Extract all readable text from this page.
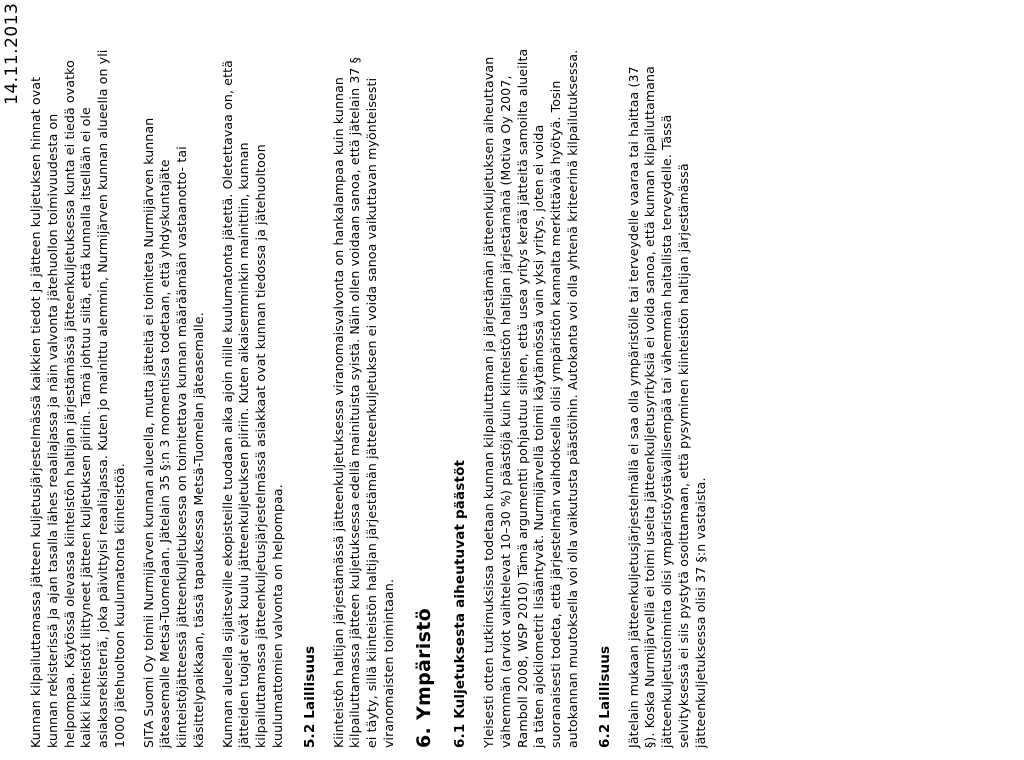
14.11.2013

Kunnan kilpailuttamassa jätteen kuljetusjärjestelmässä kaikkien tiedot ja jätteen kuljetuksen hinnat ovat kunnan rekisterissä ja ajan tasalla lähes reaaliajassa ja näin valvonta jätehuollon toimivuudesta on helpompaa. Käytössä olevassa kiinteistön haltijan järjestämässä jätteenkuljetuksessa kunta ei tiedä ovatko kaikki kiinteistöt liittyneet jätteen kuljetuksen piiriin. Tämä johtuu siitä, että kunnalla itsellään ei ole asiakasrekisteriä, joka päivittyisi reaaliajassa. Kuten jo mainittu alemmin, Nurmijärven kunnan alueella on yli 1000 jätehuoltoon kuulumatonta kiinteistöä. SITA Suomi Oy toimii Nurmijärven kunnan alueella, mutta jätteitä ei toimiteta Nurmijärven kunnan jäteasemalle Metsä-Tuomelaan. Jätelain 35 §:n 3 momentissa todetaan, että yhdyskuntajäte kiinteistöjätteessä jätteenkuljetuksessa on toimitettava kunnan määräämään vastaanotto- tai käsittelypaikkaan, tässä tapauksessa Metsä-Tuomelan jäteasemalle. Kunnan alueella sijaitseville ekopisteille tuodaan aika ajoin niille kuulumatonta jätettä. Oletettavaa on, että jätteiden tuojat eivät kuulu jätteenkuljetuksen piiriin. Kuten aikaisemminkin mainittiin, kunnan kilpailuttamassa jätteenkuljetusjärjestelmässä asiakkaat ovat kunnan tiedossa ja jätehuoltoon kuulumattomien valvonta on helpompaa. 5.2 Laillisuus Kiinteistön haltijan järjestämässä jätteenkuljetuksessa viranomaisvalvonta on hankalampaa kuin kunnan kilpailuttamassa jätteen kuljetuksessa edellä mainituista syistä. Näin ollen voidaan sanoa, että jätelain 37 § ei täyty, sillä kiinteistön haltijan järjestämän jätteenkuljetuksen ei voida sanoa vaikuttavan myönteisesti viranomaisten toimintaan. 6. Ympäristö 6.1 Kuljetuksesta aiheutuvat päästöt Yleisesti otten tutkimuksissa todetaan kunnan kilpailuttaman ja järjestämän jätteenkuljetuksen aiheuttavan vähemmän (arviot vaihtelevat 10–30 %) päästöjä kuin kiinteistön haltijan järjestämänä (Motiva Oy 2007, Ramboll 2008, WSP 2010) Tämä argumentti pohjautuu siihen, että usea yritys kerää jätteitä samoilta alueilta ja täten ajokilometrit lisääntyvät. Nurmijärvellä toimii käytännössä vain yksi yritys, joten ei voida suoranaisesti todeta, että järjestelmän vaihdoksella olisi ympäristön kannalta merkittävää hyötyä. Tosin autokannan muutoksella voi olla vaikutusta päästöihin. Autokanta voi olla yhtenä kriteerinä kilpailutuksessa. 6.2 Laillisuus Jätelain mukaan jätteenkuljetusjärjestelmällä ei saa olla ympäristölle tai terveydelle vaaraa tai haittaa (37 §). Koska Nurmijärvellä ei toimi useita jätteenkuljetusyrityksiä ei voida sanoa, että kunnan kilpailuttamana jätteenkuljetustoiminta olisi ympäristöystävällisempää tai vähemmän haitallista terveydelle. Tässä selvityksessä ei siis pystytä osoittamaan, että pysyminen kiinteistön haltijan järjestämässä jätteenkuljetuksessa olisi 37 §:n vastaista.
